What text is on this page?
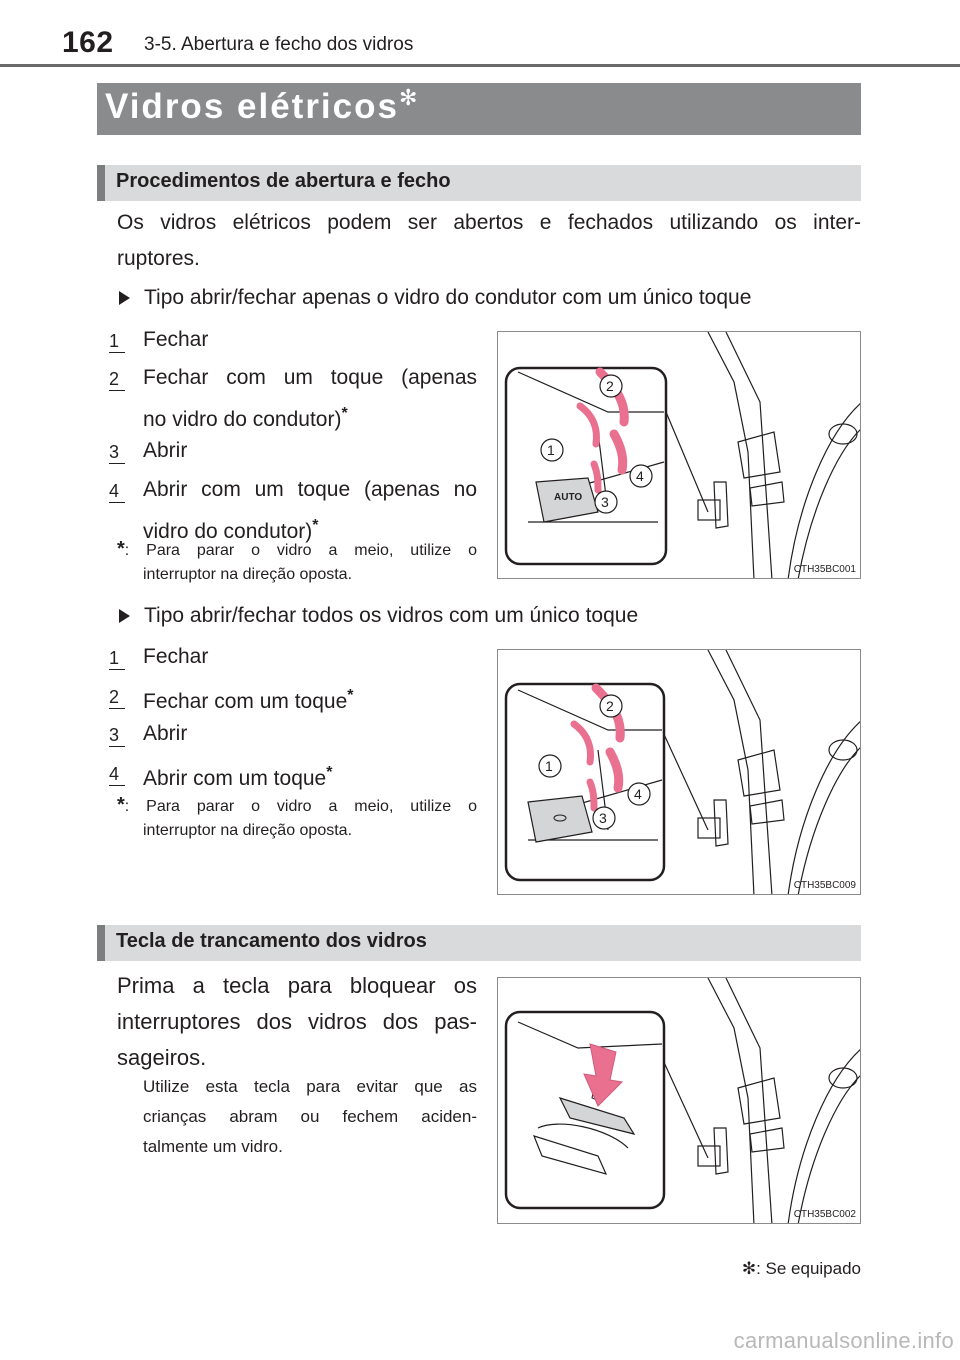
162 3-5. Abertura e fecho dos vidros
Vidros elétricos✻
Procedimentos de abertura e fecho
Os vidros elétricos podem ser abertos e fechados utilizando os inter-
ruptores.
Tipo abrir/fechar apenas o vidro do condutor com um único toque
1 Fechar
2 Fechar com um toque (apenas
no vidro do condutor)*
3 Abrir
4 Abrir com um toque (apenas no
vidro do condutor)*
*: Para parar o vidro a meio, utilize o
interruptor na direção oposta.
AUTO
2
1
4
3
CTH35BC001
Tipo abrir/fechar todos os vidros com um único toque
1 Fechar
2 Fechar com um toque*
3 Abrir
4 Abrir com um toque*
*: Para parar o vidro a meio, utilize o
interruptor na direção oposta.
2
1
4
3
CTH35BC009
Tecla de trancamento dos vidros
Prima a tecla para bloquear os
interruptores dos vidros dos pas-
sageiros.
Utilize esta tecla para evitar que as
crianças abram ou fechem aciden-
talmente um vidro.
CTH35BC002
✻: Se equipado
carmanualsonline.info
